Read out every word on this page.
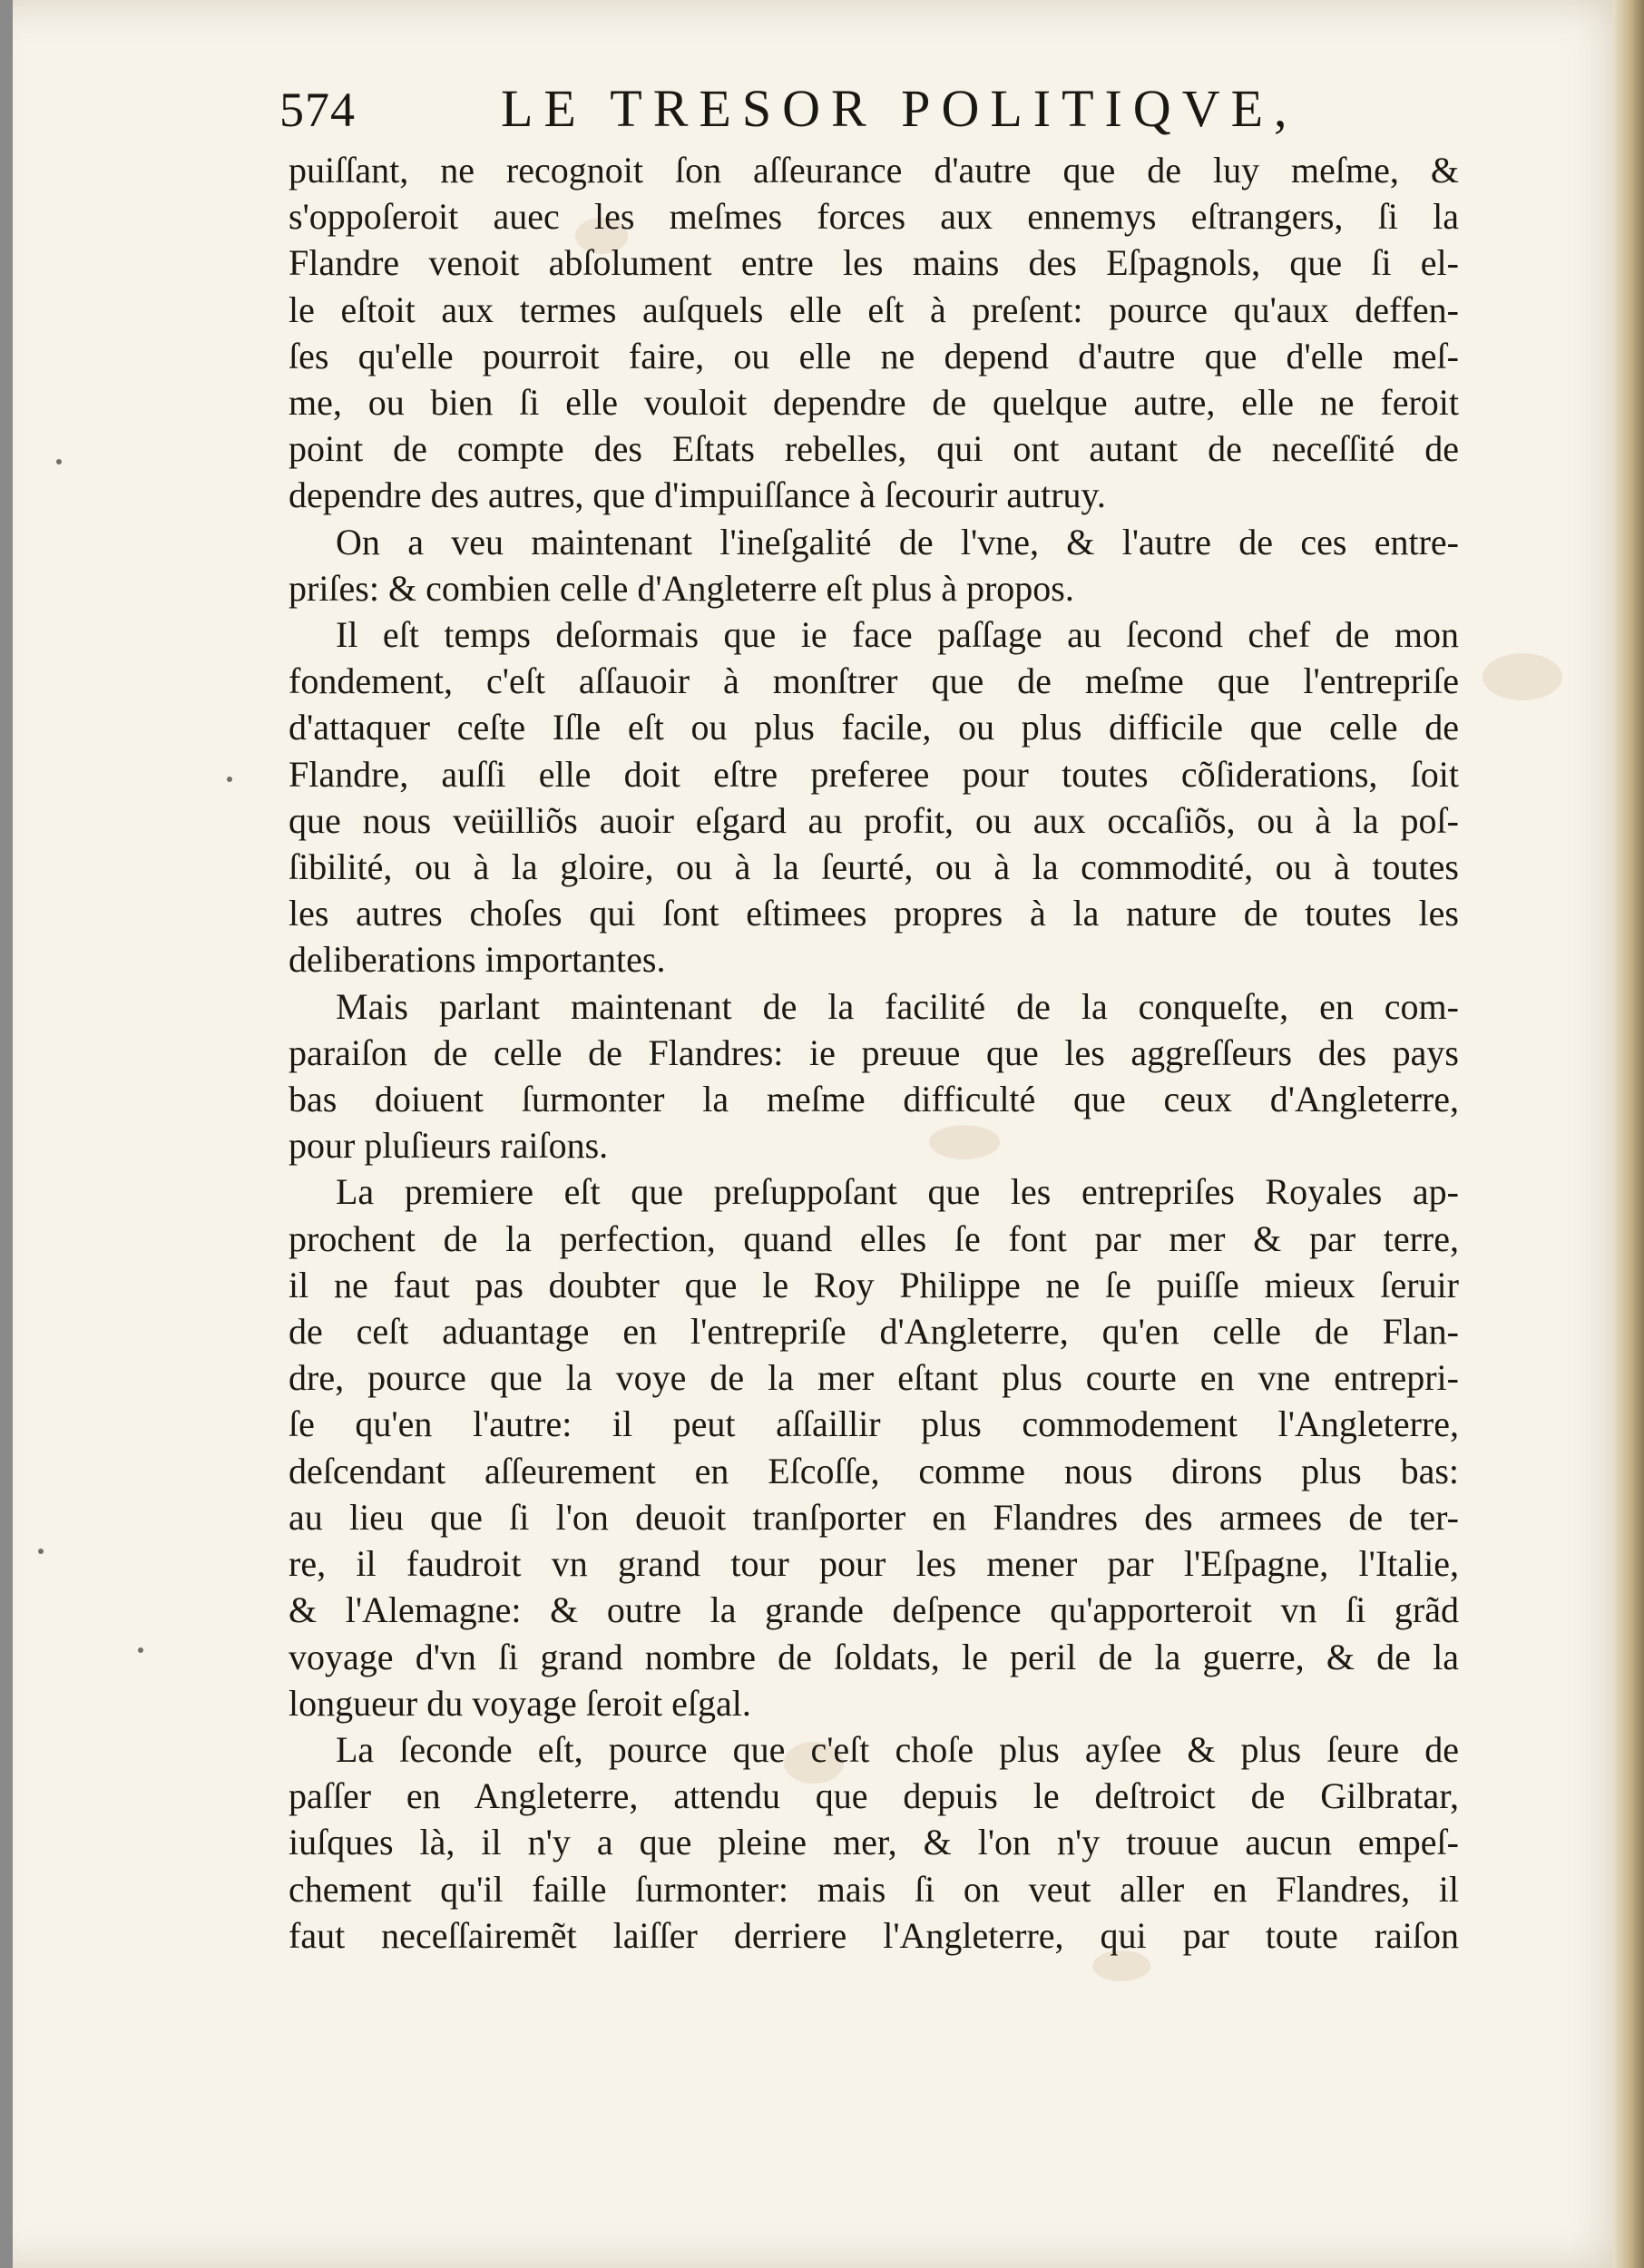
574	LE TRESOR POLITIQVE,
puiſſant, ne recognoit ſon aſſeurance d'autre que de luy meſme, &
s'oppoſeroit auec les meſmes forces aux ennemys eſtrangers, ſi la
Flandre venoit abſolument entre les mains des Eſpagnols, que ſi el-
le eſtoit aux termes auſquels elle eſt à preſent: pource qu'aux deffen-
ſes qu'elle pourroit faire, ou elle ne depend d'autre que d'elle meſ-
me, ou bien ſi elle vouloit dependre de quelque autre, elle ne feroit
point de compte des Eſtats rebelles, qui ont autant de neceſſité de
dependre des autres, que d'impuiſſance à ſecourir autruy.
On a veu maintenant l'ineſgalité de l'vne, & l'autre de ces entre-
priſes: & combien celle d'Angleterre eſt plus à propos.
Il eſt temps deſormais que ie face paſſage au ſecond chef de mon
fondement, c'eſt aſſauoir à monſtrer que de meſme que l'entrepriſe
d'attaquer ceſte Iſle eſt ou plus facile, ou plus difficile que celle de
Flandre, auſſi elle doit eſtre preferee pour toutes cõſiderations, ſoit
que nous veüilliõs auoir eſgard au profit, ou aux occaſiõs, ou à la poſ-
ſibilité, ou à la gloire, ou à la ſeurté, ou à la commodité, ou à toutes
les autres choſes qui ſont eſtimees propres à la nature de toutes les
deliberations importantes.
Mais parlant maintenant de la facilité de la conqueſte, en com-
paraiſon de celle de Flandres: ie preuue que les aggreſſeurs des pays
bas doiuent ſurmonter la meſme difficulté que ceux d'Angleterre,
pour pluſieurs raiſons.
La premiere eſt que preſuppoſant que les entrepriſes Royales ap-
prochent de la perfection, quand elles ſe font par mer & par terre,
il ne faut pas doubter que le Roy Philippe ne ſe puiſſe mieux ſeruir
de ceſt aduantage en l'entrepriſe d'Angleterre, qu'en celle de Flan-
dre, pource que la voye de la mer eſtant plus courte en vne entrepri-
ſe qu'en l'autre: il peut aſſaillir plus commodement l'Angleterre,
deſcendant aſſeurement en Eſcoſſe, comme nous dirons plus bas:
au lieu que ſi l'on deuoit tranſporter en Flandres des armees de ter-
re, il faudroit vn grand tour pour les mener par l'Eſpagne, l'Italie,
& l'Alemagne: & outre la grande deſpence qu'apporteroit vn ſi grãd
voyage d'vn ſi grand nombre de ſoldats, le peril de la guerre, & de la
longueur du voyage ſeroit eſgal.
La ſeconde eſt, pource que c'eſt choſe plus ayſee & plus ſeure de
paſſer en Angleterre, attendu que depuis le deſtroict de Gilbratar,
iuſques là, il n'y a que pleine mer, & l'on n'y trouue aucun empeſ-
chement qu'il faille ſurmonter: mais ſi on veut aller en Flandres, il
faut neceſſairemẽt laiſſer derriere l'Angleterre, qui par toute raiſon
